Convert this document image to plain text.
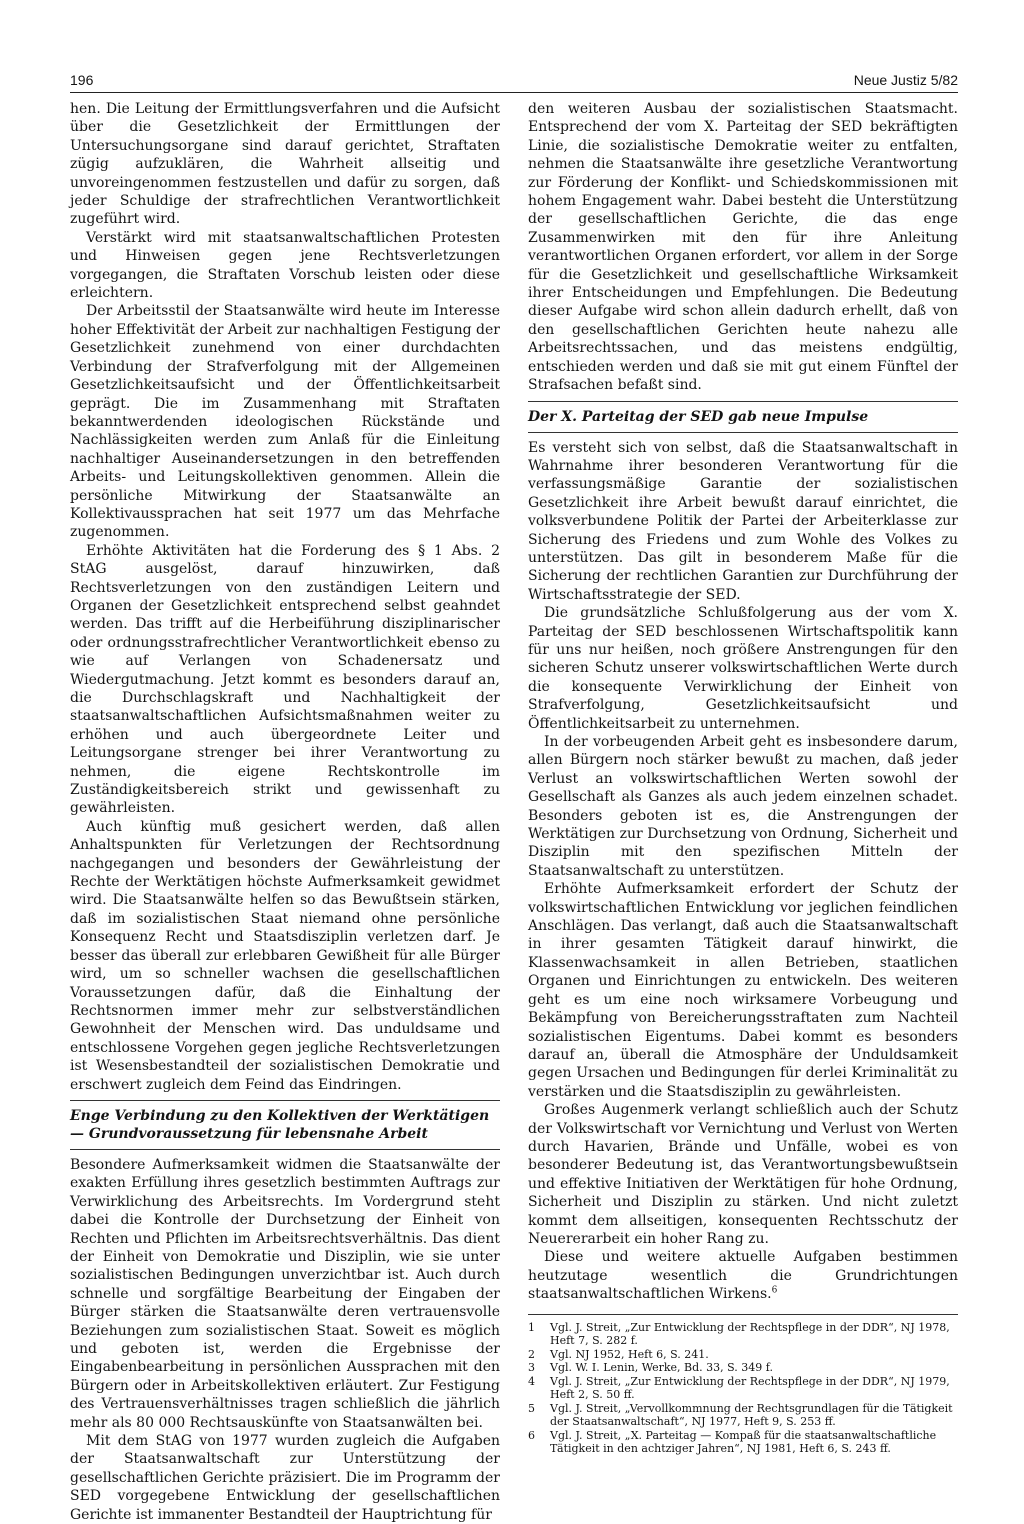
196	Neue Justiz 5/82

hen. Die Leitung der Ermittlungsverfahren und die Aufsicht über die Gesetzlichkeit der Ermittlungen der Untersuchungsorgane sind darauf gerichtet, Straftaten zügig aufzuklären, die Wahrheit allseitig und unvoreingenommen festzustellen und dafür zu sorgen, daß jeder Schuldige der strafrechtlichen Verantwortlichkeit zugeführt wird.

Verstärkt wird mit staatsanwaltschaftlichen Protesten und Hinweisen gegen jene Rechtsverletzungen vorgegangen, die Straftaten Vorschub leisten oder diese erleichtern.

Der Arbeitsstil der Staatsanwälte wird heute im Interesse hoher Effektivität der Arbeit zur nachhaltigen Festigung der Gesetzlichkeit zunehmend von einer durchdachten Verbindung der Strafverfolgung mit der Allgemeinen Gesetzlichkeitsaufsicht und der Öffentlichkeitsarbeit geprägt. Die im Zusammenhang mit Straftaten bekanntwerdenden ideologischen Rückstände und Nachlässigkeiten werden zum Anlaß für die Einleitung nachhaltiger Auseinandersetzungen in den betreffenden Arbeits- und Leitungskollektiven genommen. Allein die persönliche Mitwirkung der Staatsanwälte an Kollektivaussprachen hat seit 1977 um das Mehrfache zugenommen.

Erhöhte Aktivitäten hat die Forderung des § 1 Abs. 2 StAG ausgelöst, darauf hinzuwirken, daß Rechtsverletzungen von den zuständigen Leitern und Organen der Gesetzlichkeit entsprechend selbst geahndet werden. Das trifft auf die Herbeiführung disziplinarischer oder ordnungsstrafrechtlicher Verantwortlichkeit ebenso zu wie auf Verlangen von Schadenersatz und Wiedergutmachung. Jetzt kommt es besonders darauf an, die Durchschlagskraft und Nachhaltigkeit der staatsanwaltschaftlichen Aufsichtsmaßnahmen weiter zu erhöhen und auch übergeordnete Leiter und Leitungsorgane strenger bei ihrer Verantwortung zu nehmen, die eigene Rechtskontrolle im Zuständigkeitsbereich strikt und gewissenhaft zu gewährleisten.

Auch künftig muß gesichert werden, daß allen Anhaltspunkten für Verletzungen der Rechtsordnung nachgegangen und besonders der Gewährleistung der Rechte der Werktätigen höchste Aufmerksamkeit gewidmet wird. Die Staatsanwälte helfen so das Bewußtsein stärken, daß im sozialistischen Staat niemand ohne persönliche Konsequenz Recht und Staatsdisziplin verletzen darf. Je besser das überall zur erlebbaren Gewißheit für alle Bürger wird, um so schneller wachsen die gesellschaftlichen Voraussetzungen dafür, daß die Einhaltung der Rechtsnormen immer mehr zur selbstverständlichen Gewohnheit der Menschen wird. Das unduldsame und entschlossene Vorgehen gegen jegliche Rechtsverletzungen ist Wesensbestandteil der sozialistischen Demokratie und erschwert zugleich dem Feind das Eindringen.

Enge Verbindung zu den Kollektiven der Werktätigen — Grundvoraussetzung für lebensnahe Arbeit

Besondere Aufmerksamkeit widmen die Staatsanwälte der exakten Erfüllung ihres gesetzlich bestimmten Auftrags zur Verwirklichung des Arbeitsrechts. Im Vordergrund steht dabei die Kontrolle der Durchsetzung der Einheit von Rechten und Pflichten im Arbeitsrechtsverhältnis. Das dient der Einheit von Demokratie und Disziplin, wie sie unter sozialistischen Bedingungen unverzichtbar ist. Auch durch schnelle und sorgfältige Bearbeitung der Eingaben der Bürger stärken die Staatsanwälte deren vertrauensvolle Beziehungen zum sozialistischen Staat. Soweit es möglich und geboten ist, werden die Ergebnisse der Eingabenbearbeitung in persönlichen Aussprachen mit den Bürgern oder in Arbeitskollektiven erläutert. Zur Festigung des Vertrauensverhältnisses tragen schließlich die jährlich mehr als 80 000 Rechtsauskünfte von Staatsanwälten bei.

Mit dem StAG von 1977 wurden zugleich die Aufgaben der Staatsanwaltschaft zur Unterstützung der gesellschaftlichen Gerichte präzisiert. Die im Programm der SED vorgegebene Entwicklung der gesellschaftlichen Gerichte ist immanenter Bestandteil der Hauptrichtung für

den weiteren Ausbau der sozialistischen Staatsmacht. Entsprechend der vom X. Parteitag der SED bekräftigten Linie, die sozialistische Demokratie weiter zu entfalten, nehmen die Staatsanwälte ihre gesetzliche Verantwortung zur Förderung der Konflikt- und Schiedskommissionen mit hohem Engagement wahr. Dabei besteht die Unterstützung der gesellschaftlichen Gerichte, die das enge Zusammenwirken mit den für ihre Anleitung verantwortlichen Organen erfordert, vor allem in der Sorge für die Gesetzlichkeit und gesellschaftliche Wirksamkeit ihrer Entscheidungen und Empfehlungen. Die Bedeutung dieser Aufgabe wird schon allein dadurch erhellt, daß von den gesellschaftlichen Gerichten heute nahezu alle Arbeitsrechtssachen, und das meistens endgültig, entschieden werden und daß sie mit gut einem Fünftel der Strafsachen befaßt sind.

Der X. Parteitag der SED gab neue Impulse

Es versteht sich von selbst, daß die Staatsanwaltschaft in Wahrnahme ihrer besonderen Verantwortung für die verfassungsmäßige Garantie der sozialistischen Gesetzlichkeit ihre Arbeit bewußt darauf einrichtet, die volksverbundene Politik der Partei der Arbeiterklasse zur Sicherung des Friedens und zum Wohle des Volkes zu unterstützen. Das gilt in besonderem Maße für die Sicherung der rechtlichen Garantien zur Durchführung der Wirtschaftsstrategie der SED.

Die grundsätzliche Schlußfolgerung aus der vom X. Parteitag der SED beschlossenen Wirtschaftspolitik kann für uns nur heißen, noch größere Anstrengungen für den sicheren Schutz unserer volkswirtschaftlichen Werte durch die konsequente Verwirklichung der Einheit von Strafverfolgung, Gesetzlichkeitsaufsicht und Öffentlichkeitsarbeit zu unternehmen.

In der vorbeugenden Arbeit geht es insbesondere darum, allen Bürgern noch stärker bewußt zu machen, daß jeder Verlust an volkswirtschaftlichen Werten sowohl der Gesellschaft als Ganzes als auch jedem einzelnen schadet. Besonders geboten ist es, die Anstrengungen der Werktätigen zur Durchsetzung von Ordnung, Sicherheit und Disziplin mit den spezifischen Mitteln der Staatsanwaltschaft zu unterstützen.

Erhöhte Aufmerksamkeit erfordert der Schutz der volkswirtschaftlichen Entwicklung vor jeglichen feindlichen Anschlägen. Das verlangt, daß auch die Staatsanwaltschaft in ihrer gesamten Tätigkeit darauf hinwirkt, die Klassenwachsamkeit in allen Betrieben, staatlichen Organen und Einrichtungen zu entwickeln. Des weiteren geht es um eine noch wirksamere Vorbeugung und Bekämpfung von Bereicherungsstraftaten zum Nachteil sozialistischen Eigentums. Dabei kommt es besonders darauf an, überall die Atmosphäre der Unduldsamkeit gegen Ursachen und Bedingungen für derlei Kriminalität zu verstärken und die Staatsdisziplin zu gewährleisten.

Großes Augenmerk verlangt schließlich auch der Schutz der Volkswirtschaft vor Vernichtung und Verlust von Werten durch Havarien, Brände und Unfälle, wobei es von besonderer Bedeutung ist, das Verantwortungsbewußtsein und effektive Initiativen der Werktätigen für hohe Ordnung, Sicherheit und Disziplin zu stärken. Und nicht zuletzt kommt dem allseitigen, konsequenten Rechtsschutz der Neuererarbeit ein hoher Rang zu.

Diese und weitere aktuelle Aufgaben bestimmen heutzutage wesentlich die Grundrichtungen staatsanwaltschaftlichen Wirkens.$^6$

1	Vgl. J. Streit, „Zur Entwicklung der Rechtspflege in der DDR“, NJ 1978, Heft 7, S. 282 f.
2	Vgl. NJ 1952, Heft 6, S. 241.
3	Vgl. W. I. Lenin, Werke, Bd. 33, S. 349 f.
4	Vgl. J. Streit, „Zur Entwicklung der Rechtspflege in der DDR“, NJ 1979, Heft 2, S. 50 ff.
5	Vgl. J. Streit, „Vervollkommnung der Rechtsgrundlagen für die Tätigkeit der Staatsanwaltschaft“, NJ 1977, Heft 9, S. 253 ff.
6	Vgl. J. Streit, „X. Parteitag — Kompaß für die staatsanwaltschaftliche Tätigkeit in den achtziger Jahren“, NJ 1981, Heft 6, S. 243 ff.
